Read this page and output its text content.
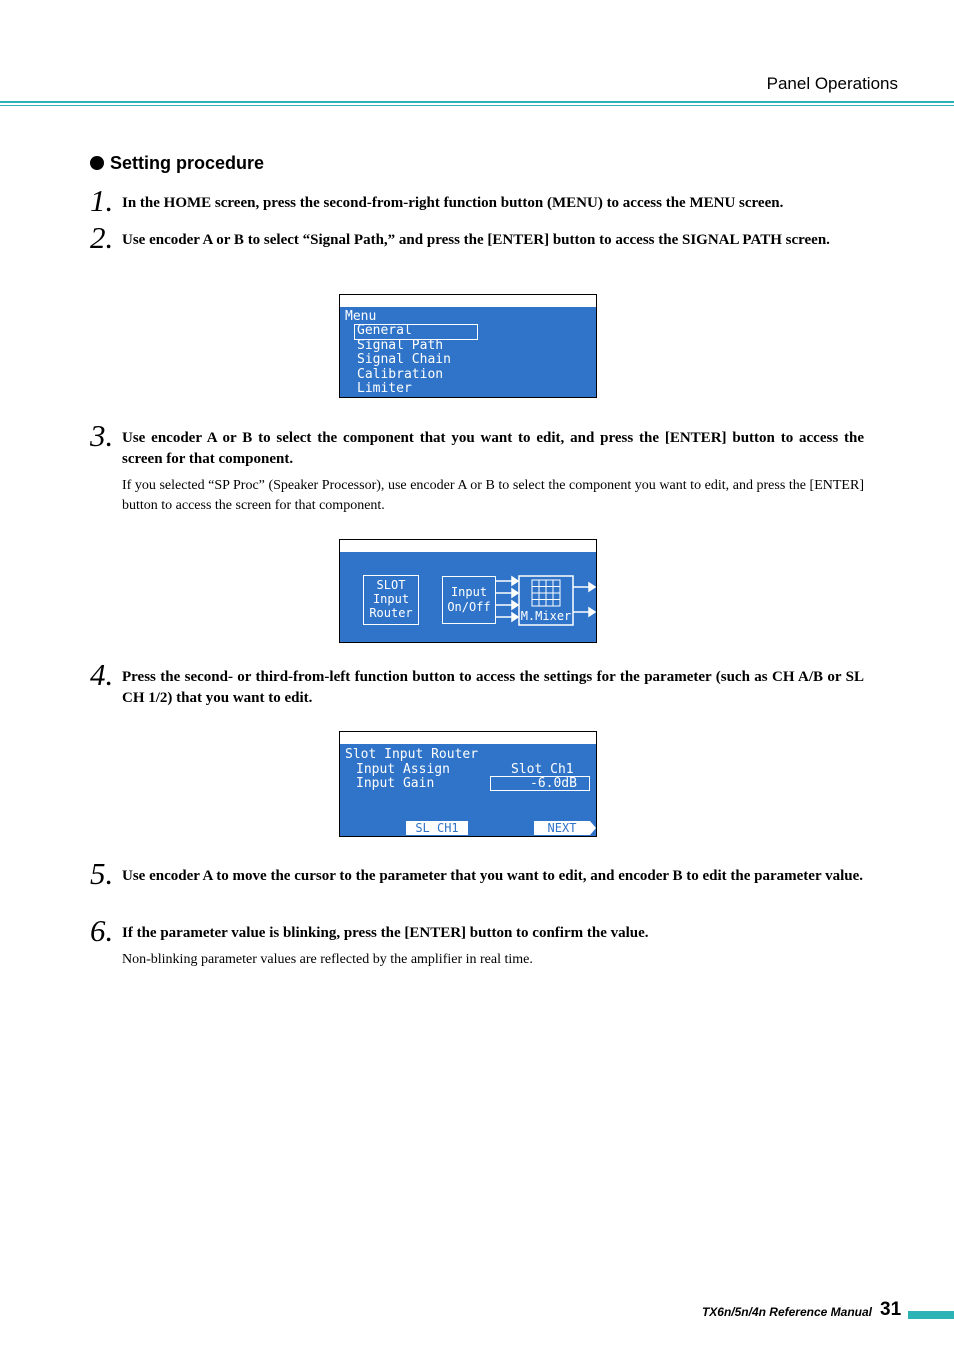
Panel Operations
Setting procedure
1. In the HOME screen, press the second-from-right function button (MENU) to access the MENU screen.
2. Use encoder A or B to select “Signal Path,” and press the [ENTER] button to access the SIGNAL PATH screen.
Menu
General
Signal Path
Signal Chain
Calibration
Limiter
3. Use encoder A or B to select the component that you want to edit, and press the [ENTER] button to access the screen for that component.
If you selected “SP Proc” (Speaker Processor), use encoder A or B to select the component you want to edit, and press the [ENTER] button to access the screen for that component.
SLOT
Input
Router
Input
On/Off
M.Mixer
4. Press the second- or third-from-left function button to access the settings for the parameter (such as CH A/B or SL CH 1/2) that you want to edit.
Slot Input Router
Input Assign	Slot Ch1
Input Gain	-6.0dB
SL CH1	NEXT
5. Use encoder A to move the cursor to the parameter that you want to edit, and encoder B to edit the parameter value.
6. If the parameter value is blinking, press the [ENTER] button to confirm the value.
Non-blinking parameter values are reflected by the amplifier in real time.
TX6n/5n/4n Reference Manual 31
